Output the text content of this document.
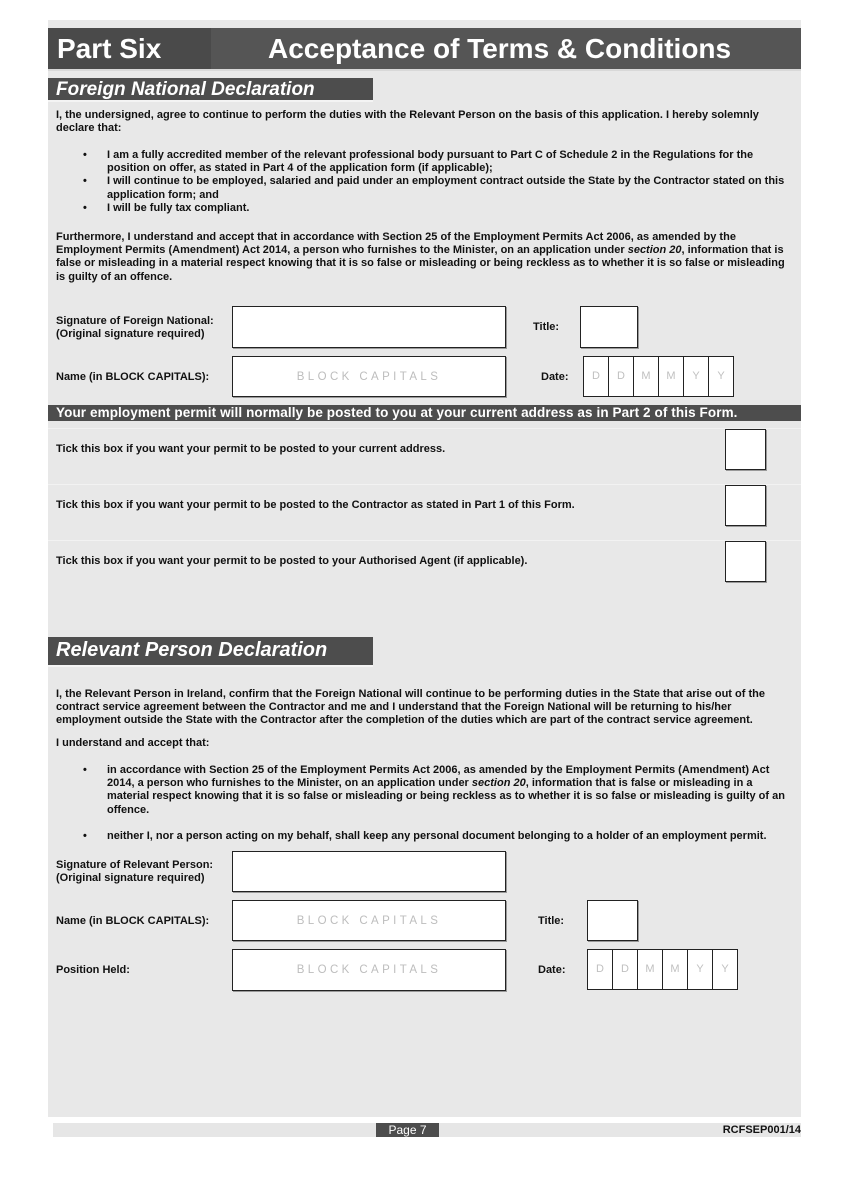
Part Six	Acceptance of Terms & Conditions
Foreign National Declaration
I, the undersigned, agree to continue to perform the duties with the Relevant Person on the basis of this application. I hereby solemnly declare that:
• I am a fully accredited member of the relevant professional body pursuant to Part C of Schedule 2 in the Regulations for the position on offer, as stated in Part 4 of the application form (if applicable);
• I will continue to be employed, salaried and paid under an employment contract outside the State by the Contractor stated on this application form; and
• I will be fully tax compliant.
Furthermore, I understand and accept that in accordance with Section 25 of the Employment Permits Act 2006, as amended by the Employment Permits (Amendment) Act 2014, a person who furnishes to the Minister, on an application under section 20, information that is false or misleading in a material respect knowing that it is so false or misleading or being reckless as to whether it is so false or misleading is guilty of an offence.
Signature of Foreign National:
(Original signature required)
Title:
Name (in BLOCK CAPITALS):	BLOCK CAPITALS	Date:	D	D	M	M	Y	Y
Your employment permit will normally be posted to you at your current address as in Part 2 of this Form.
Tick this box if you want your permit to be posted to your current address.
Tick this box if you want your permit to be posted to the Contractor as stated in Part 1 of this Form.
Tick this box if you want your permit to be posted to your Authorised Agent (if applicable).
Relevant Person Declaration
I, the Relevant Person in Ireland, confirm that the Foreign National will continue to be performing duties in the State that arise out of the contract service agreement between the Contractor and me and I understand that the Foreign National will be returning to his/her employment outside the State with the Contractor after the completion of the duties which are part of the contract service agreement.
I understand and accept that:
• in accordance with Section 25 of the Employment Permits Act 2006, as amended by the Employment Permits (Amendment) Act 2014, a person who furnishes to the Minister, on an application under section 20, information that is false or misleading in a material respect knowing that it is so false or misleading or being reckless as to whether it is so false or misleading is guilty of an offence.
• neither I, nor a person acting on my behalf, shall keep any personal document belonging to a holder of an employment permit.
Signature of Relevant Person:
(Original signature required)
Name (in BLOCK CAPITALS):	BLOCK CAPITALS	Title:
Position Held:	BLOCK CAPITALS	Date:	D	D	M	M	Y	Y
Page 7	RCFSEP001/14
